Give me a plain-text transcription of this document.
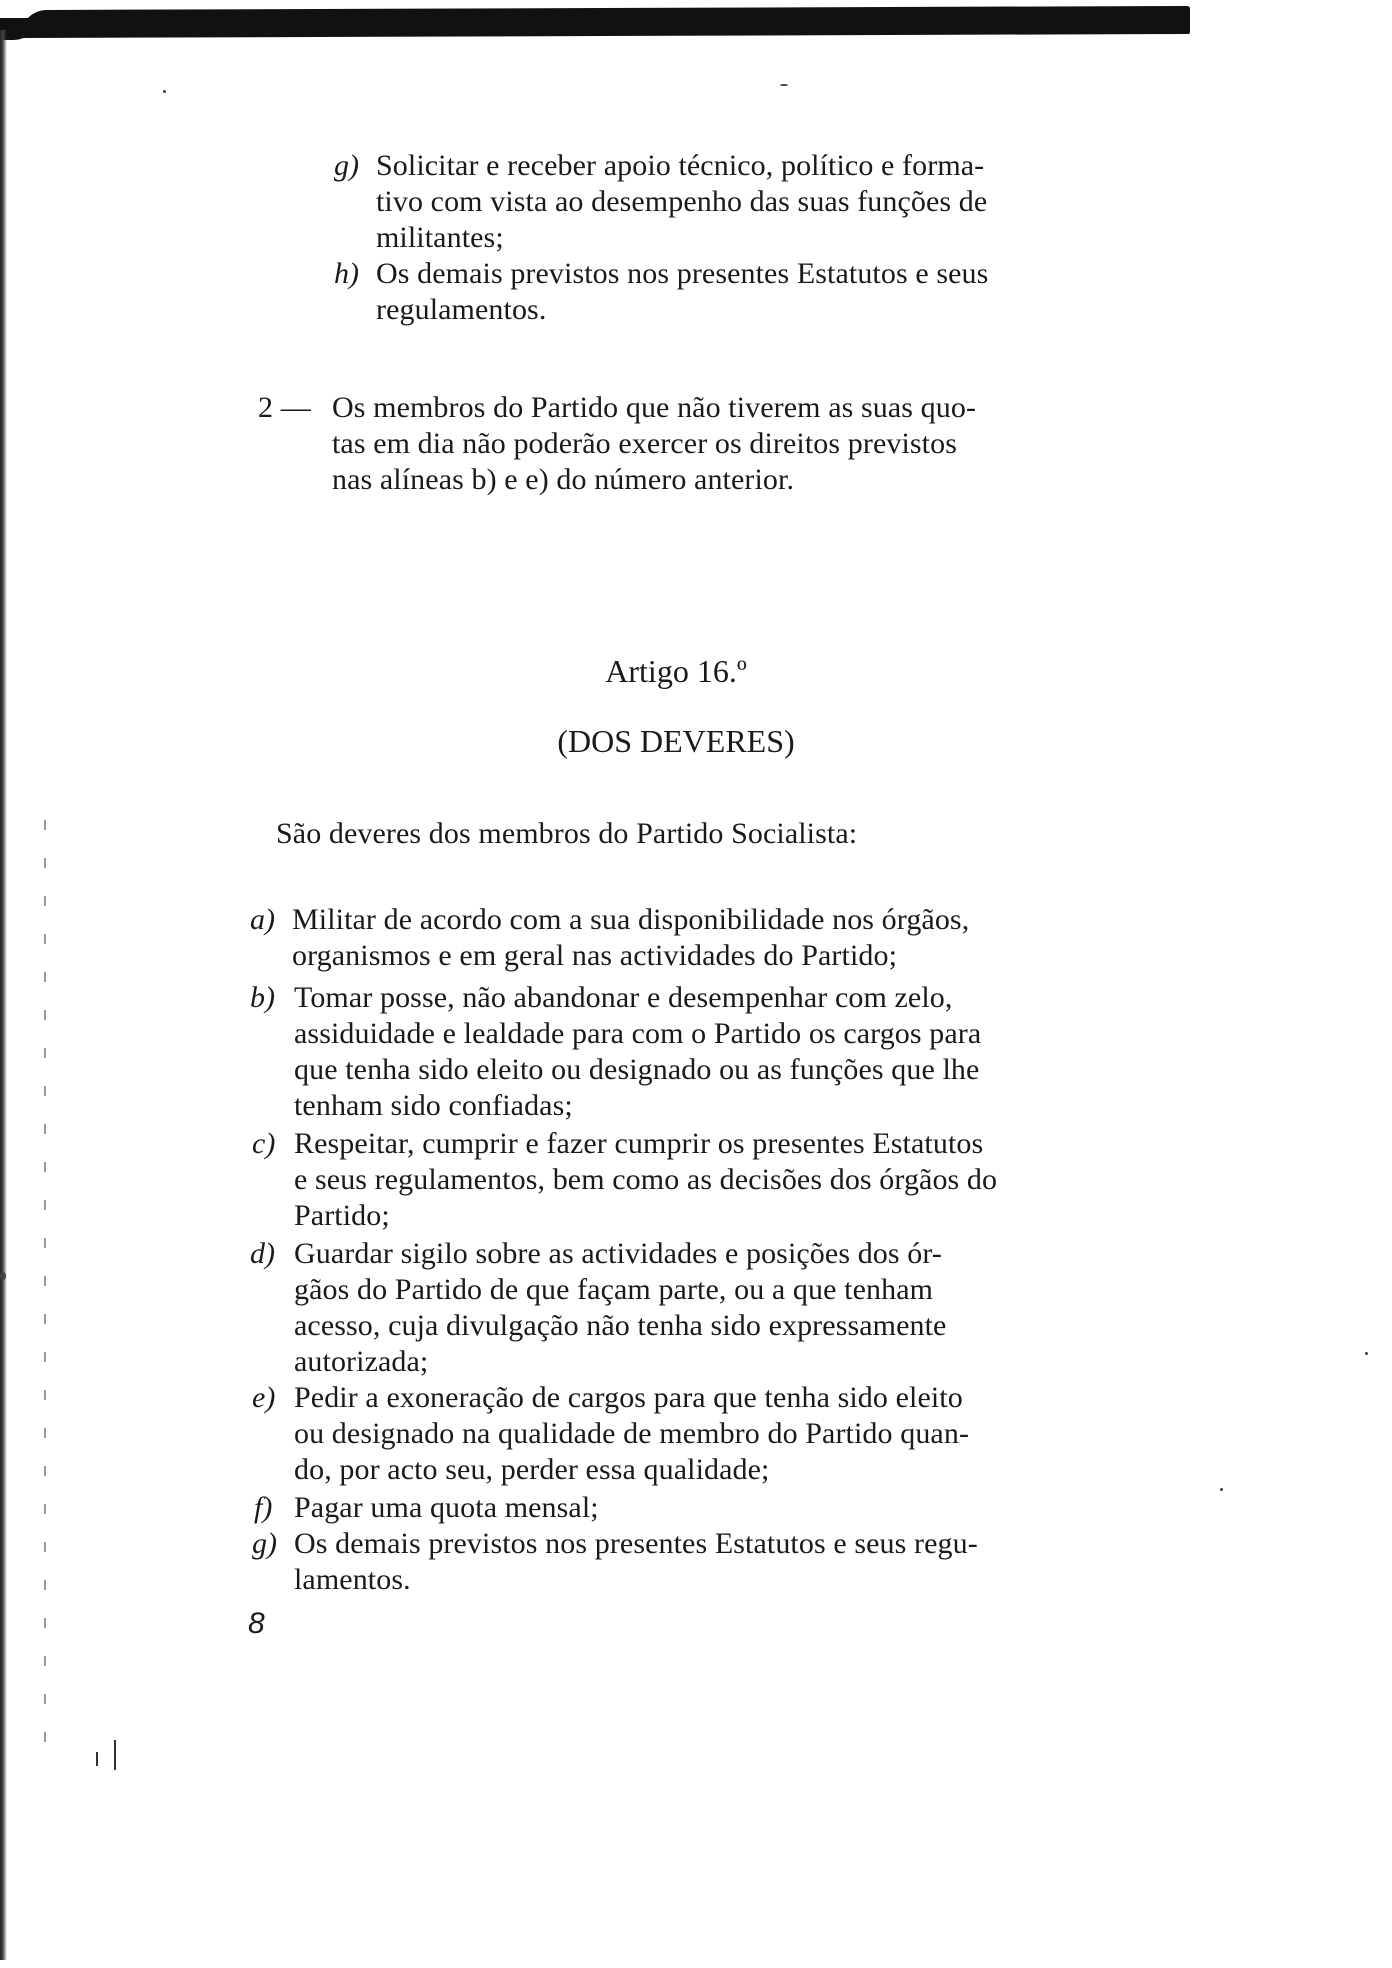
g) Solicitar e receber apoio técnico, político e forma-
tivo com vista ao desempenho das suas funções de
militantes;
h) Os demais previstos nos presentes Estatutos e seus
regulamentos.
2 — Os membros do Partido que não tiverem as suas quo-
tas em dia não poderão exercer os direitos previstos
nas alíneas b) e e) do número anterior.
Artigo 16.º
(DOS DEVERES)
São deveres dos membros do Partido Socialista:
a) Militar de acordo com a sua disponibilidade nos órgãos,
organismos e em geral nas actividades do Partido;
b) Tomar posse, não abandonar e desempenhar com zelo,
assiduidade e lealdade para com o Partido os cargos para
que tenha sido eleito ou designado ou as funções que lhe
tenham sido confiadas;
c) Respeitar, cumprir e fazer cumprir os presentes Estatutos
e seus regulamentos, bem como as decisões dos órgãos do
Partido;
d) Guardar sigilo sobre as actividades e posições dos ór-
gãos do Partido de que façam parte, ou a que tenham
acesso, cuja divulgação não tenha sido expressamente
autorizada;
e) Pedir a exoneração de cargos para que tenha sido eleito
ou designado na qualidade de membro do Partido quan-
do, por acto seu, perder essa qualidade;
f) Pagar uma quota mensal;
g) Os demais previstos nos presentes Estatutos e seus regu-
lamentos.
8
